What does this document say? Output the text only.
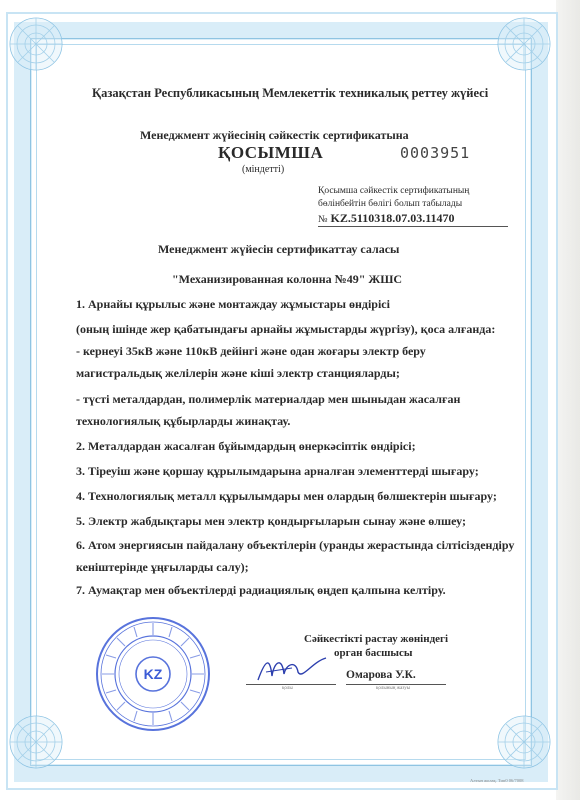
Қазақстан Республикасының Мемлекеттік техникалық реттеу жүйесі
Менеджмент жүйесінің сәйкестік сертификатына
ҚОСЫМША	0003951
(міндетті)
Қосымша сәйкестік сертификатының
бөлінбейтін бөлігі болып табылады
№ KZ.5110318.07.03.11470
Менеджмент жүйесін сертификаттау саласы
"Механизированная колонна №49" ЖШС
1. Арнайы құрылыс және монтаждау жұмыстары өндірісі
(оның ішінде жер қабатындағы арнайы жұмыстарды жүргізу), қоса алғанда:
- кернеуі 35кВ және 110кВ дейінгі және одан жоғары электр беру
магистральдық желілерін және кіші электр станцияларды;
- түсті металдардан, полимерлік материалдар мен шыныдан жасалған
технологиялық құбырларды жинақтау.
2. Металдардан жасалған бұйымдардың өнеркәсіптік өндірісі;
3. Тіреуіш және қоршау құрылымдарына арналған элементтерді шығару;
4. Технологиялық металл құрылымдары мен олардың бөлшектерін шығару;
5. Электр жабдықтары мен электр қондырғыларын сынау және өлшеу;
6. Атом энергиясын пайдалану объектілерін (уранды жерастында сілтісіздендіру
кеніштерінде ұңғыларды салу);
7. Аумақтар мен объектілерді радиациялық өңдеп қалпына келтіру.
KZ
Сәйкестікті растау жөніндегі
орган басшысы
Омарова У.К.
қолы	қолының жазуы
Алтын жолақ. Тип0 06/7008
